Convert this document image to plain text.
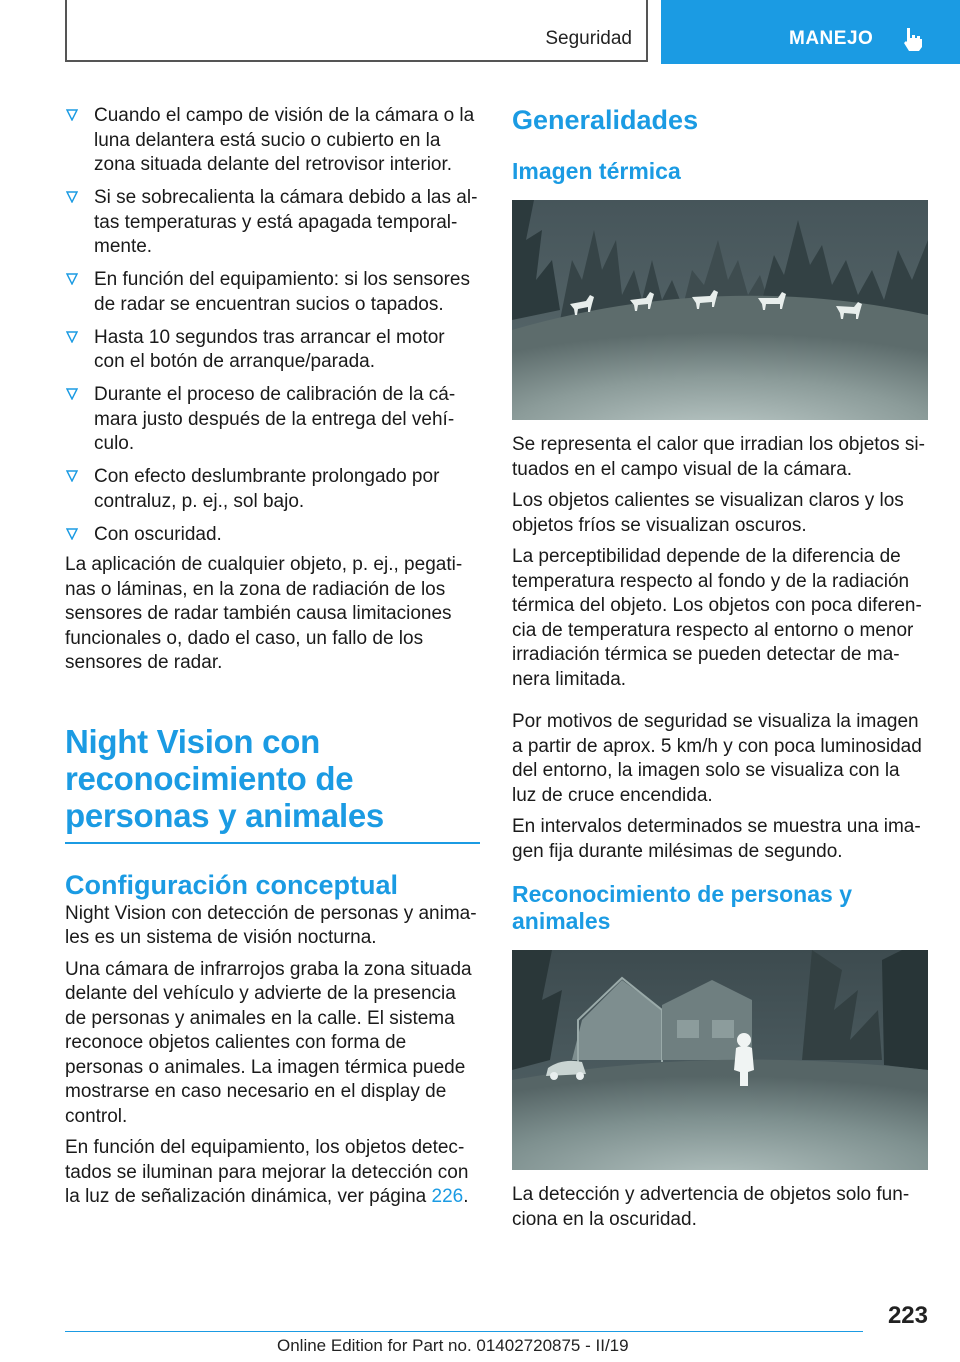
Seguridad	MANEJO
Cuando el campo de visión de la cámara o la luna delantera está sucio o cubierto en la zona situada delante del retrovisor interior.
Si se sobrecalienta la cámara debido a las altas temperaturas y está apagada temporalmente.
En función del equipamiento: si los sensores de radar se encuentran sucios o tapados.
Hasta 10 segundos tras arrancar el motor con el botón de arranque/parada.
Durante el proceso de calibración de la cámara justo después de la entrega del vehículo.
Con efecto deslumbrante prolongado por contraluz, p. ej., sol bajo.
Con oscuridad.

La aplicación de cualquier objeto, p. ej., pegatinas o láminas, en la zona de radiación de los sensores de radar también causa limitaciones funcionales o, dado el caso, un fallo de los sensores de radar.

Night Vision con reconocimiento de personas y animales
Configuración conceptual

Night Vision con detección de personas y animales es un sistema de visión nocturna.

Una cámara de infrarrojos graba la zona situada delante del vehículo y advierte de la presencia de personas y animales en la calle. El sistema reconoce objetos calientes con forma de personas o animales. La imagen térmica puede mostrarse en caso necesario en el display de control.

En función del equipamiento, los objetos detectados se iluminan para mejorar la detección con la luz de señalización dinámica, ver página 226.

Generalidades
Imagen térmica

Se representa el calor que irradian los objetos situados en el campo visual de la cámara.

Los objetos calientes se visualizan claros y los objetos fríos se visualizan oscuros.

La perceptibilidad depende de la diferencia de temperatura respecto al fondo y de la radiación térmica del objeto. Los objetos con poca diferencia de temperatura respecto al entorno o menor irradiación térmica se pueden detectar de manera limitada.

Por motivos de seguridad se visualiza la imagen a partir de aprox. 5 km/h y con poca luminosidad del entorno, la imagen solo se visualiza con la luz de cruce encendida.

En intervalos determinados se muestra una imagen fija durante milésimas de segundo.

Reconocimiento de personas y animales

La detección y advertencia de objetos solo funciona en la oscuridad.

223
Online Edition for Part no. 01402720875 - II/19
